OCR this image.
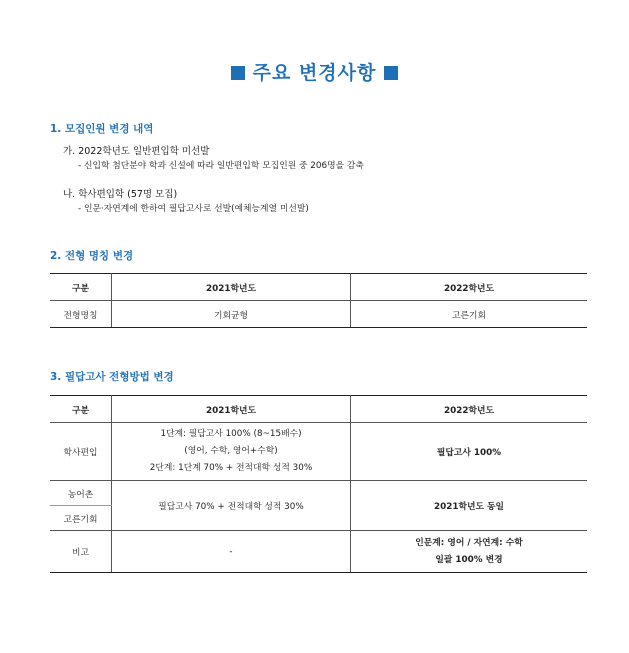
주요 변경사항
1. 모집인원 변경 내역
가. 2022학년도 일반편입학 미선발
- 신입학 첨단분야 학과 신설에 따라 일반편입학 모집인원 중 206명을 감축
나. 학사편입학 (57명 모집)
- 인문·자연계에 한하여 필답고사로 선발(예체능계열 미선발)
2. 전형 명칭 변경
구분	2021학년도	2022학년도
전형명칭	기회균형	고른기회
3. 필답고사 전형방법 변경
구분	2021학년도	2022학년도
학사편입	1단계: 필답고사 100% (8~15배수)
(영어, 수학, 영어+수학)
2단계: 1단계 70% + 전적대학 성적 30%	필답고사 100%
농어촌	필답고사 70% + 전적대학 성적 30%	2021학년도 동일
고른기회		
비고	-	인문계: 영어 / 자연계: 수학
일괄 100% 변경
